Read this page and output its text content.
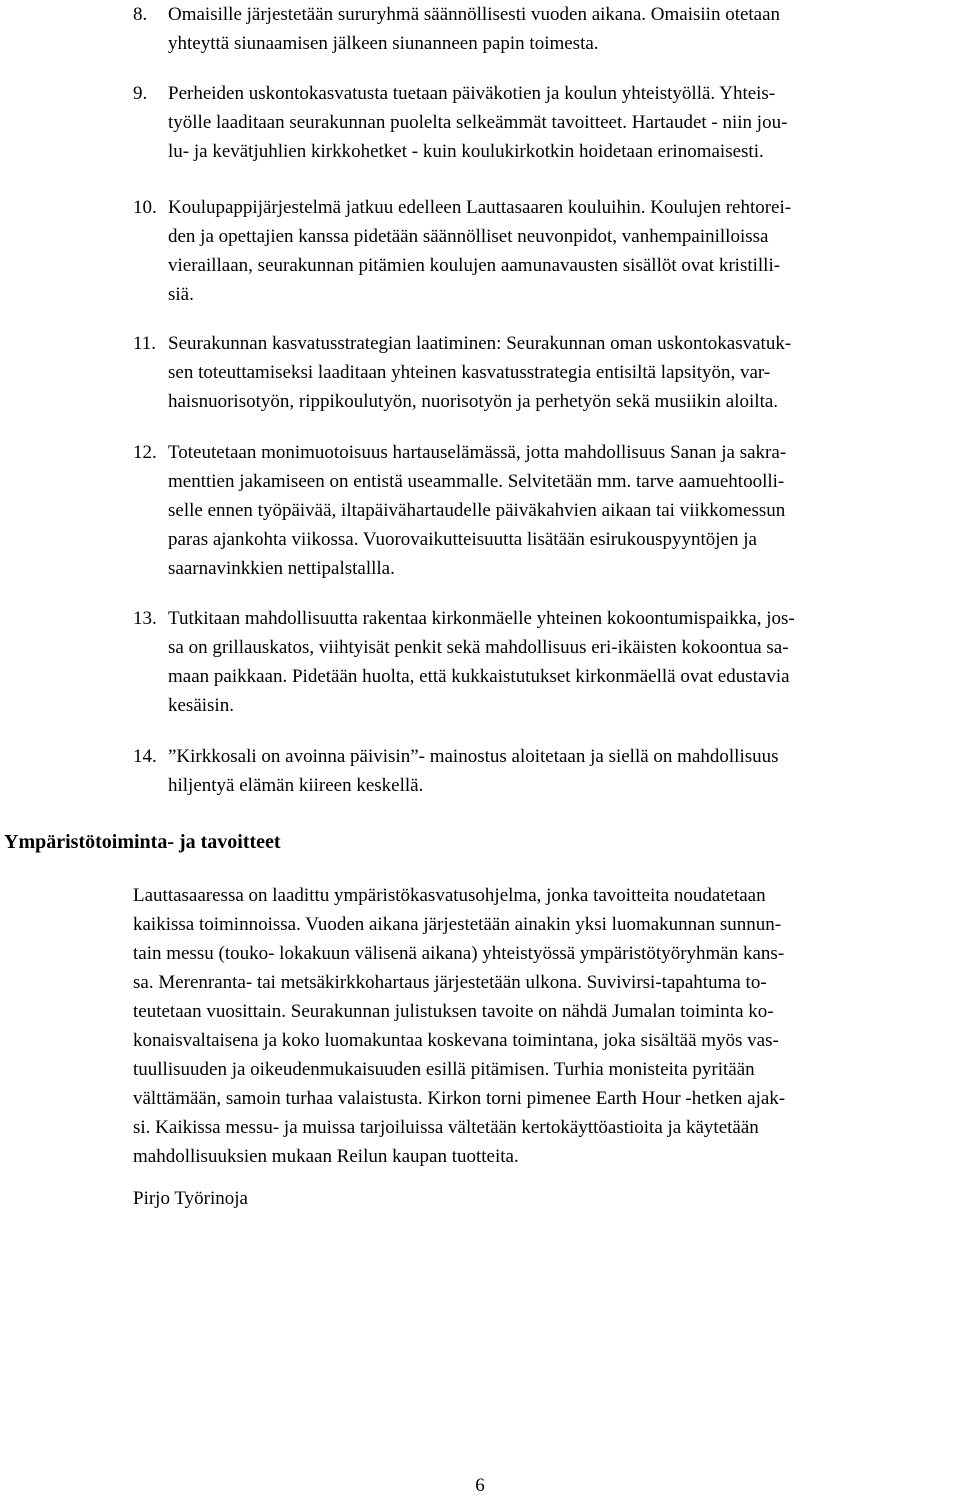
8. Omaisille järjestetään sururyhmä säännöllisesti vuoden aikana. Omaisiin otetaan
yhteyttä siunaamisen jälkeen siunanneen papin toimesta.
9. Perheiden uskontokasvatusta tuetaan päiväkotien ja koulun yhteistyöllä. Yhteis-
työlle laaditaan seurakunnan puolelta selkeämmät tavoitteet. Hartaudet - niin jou-
lu- ja kevätjuhlien kirkkohetket - kuin koulukirkotkin hoidetaan erinomaisesti.
10. Koulupappijärjestelmä jatkuu edelleen Lauttasaaren kouluihin. Koulujen rehtorei-
den ja opettajien kanssa pidetään säännölliset neuvonpidot, vanhempainilloissa
vieraillaan, seurakunnan pitämien koulujen aamunavausten sisällöt ovat kristilli-
siä.
11. Seurakunnan kasvatusstrategian laatiminen: Seurakunnan oman uskontokasvatuk-
sen toteuttamiseksi laaditaan yhteinen kasvatusstrategia entisiltä lapsityön, var-
haisnuorisotyön, rippikoulutyön, nuorisotyön ja perhetyön sekä musiikin aloilta.
12. Toteutetaan monimuotoisuus hartauselämässä, jotta mahdollisuus Sanan ja sakra-
menttien jakamiseen on entistä useammalle. Selvitetään mm. tarve aamuehtoolli-
selle ennen työpäivää, iltapäivähartaudelle päiväkahvien aikaan tai viikkomessun
paras ajankohta viikossa. Vuorovaikutteisuutta lisätään esirukouspyyntöjen ja
saarnavinkkien nettipalstallla.
13. Tutkitaan mahdollisuutta rakentaa kirkonmäelle yhteinen kokoontumispaikka, jos-
sa on grillauskatos, viihtyisät penkit sekä mahdollisuus eri-ikäisten kokoontua sa-
maan paikkaan. Pidetään huolta, että kukkaistutukset kirkonmäellä ovat edustavia
kesäisin.
14. ”Kirkkosali on avoinna päivisin”- mainostus aloitetaan ja siellä on mahdollisuus
hiljentyä elämän kiireen keskellä.
Ympäristötoiminta- ja tavoitteet
Lauttasaaressa on laadittu ympäristökasvatusohjelma, jonka tavoitteita noudatetaan
kaikissa toiminnoissa. Vuoden aikana järjestetään ainakin yksi luomakunnan sunnun-
tain messu (touko- lokakuun välisenä aikana) yhteistyössä ympäristötyöryhmän kans-
sa. Merenranta- tai metsäkirkkohartaus järjestetään ulkona. Suvivirsi-tapahtuma to-
teutetaan vuosittain. Seurakunnan julistuksen tavoite on nähdä Jumalan toiminta ko-
konaisvaltaisena ja koko luomakuntaa koskevana toimintana, joka sisältää myös vas-
tuullisuuden ja oikeudenmukaisuuden esillä pitämisen. Turhia monisteita pyritään
välttämään, samoin turhaa valaistusta. Kirkon torni pimenee Earth Hour -hetken ajak-
si. Kaikissa messu- ja muissa tarjoiluissa vältetään kertokäyttöastioita ja käytetään
mahdollisuuksien mukaan Reilun kaupan tuotteita.
Pirjo Työrinoja
6
